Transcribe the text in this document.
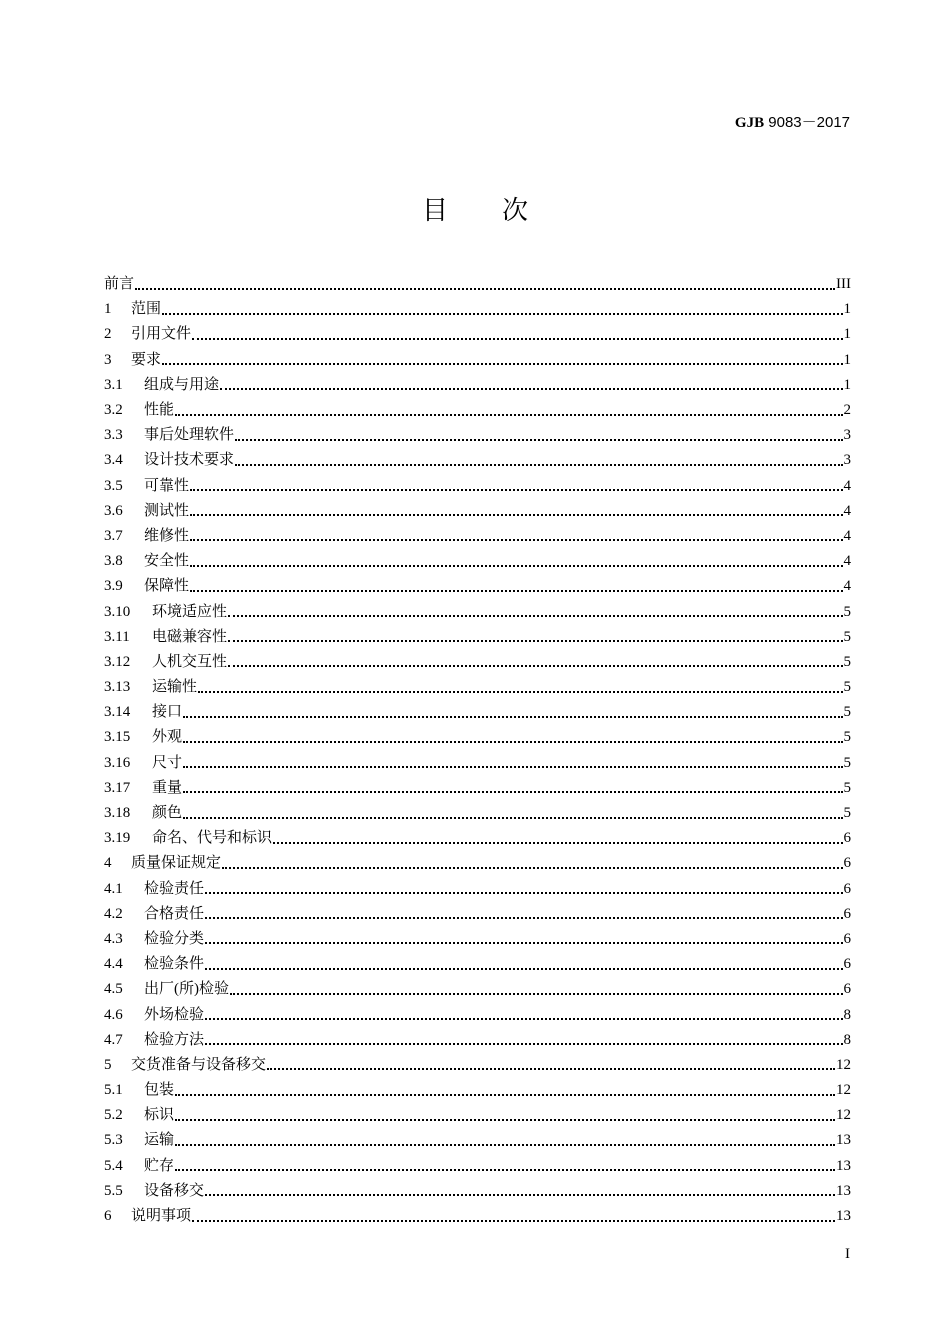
GJB 9083－2017
目 次
前言	III
1	范围	1
2	引用文件	1
3	要求	1
3.1	组成与用途	1
3.2	性能	2
3.3	事后处理软件	3
3.4	设计技术要求	3
3.5	可靠性	4
3.6	测试性	4
3.7	维修性	4
3.8	安全性	4
3.9	保障性	4
3.10	环境适应性	5
3.11	电磁兼容性	5
3.12	人机交互性	5
3.13	运输性	5
3.14	接口	5
3.15	外观	5
3.16	尺寸	5
3.17	重量	5
3.18	颜色	5
3.19	命名、代号和标识	6
4	质量保证规定	6
4.1	检验责任	6
4.2	合格责任	6
4.3	检验分类	6
4.4	检验条件	6
4.5	出厂(所)检验	6
4.6	外场检验	8
4.7	检验方法	8
5	交货准备与设备移交	12
5.1	包装	12
5.2	标识	12
5.3	运输	13
5.4	贮存	13
5.5	设备移交	13
6	说明事项	13
I
